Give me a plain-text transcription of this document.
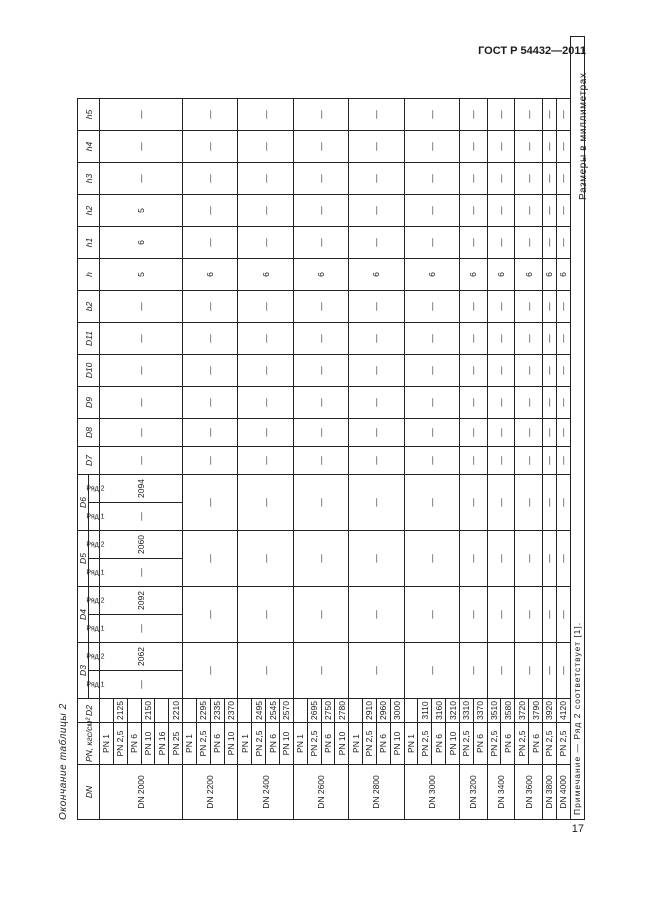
ГОСТ Р 54432—2011
Окончание таблицы 2
Размеры в миллиметрах
DN	PN, кгс/см²	D2	D3		D4		D5		D6		D7	D8	D9	D10	D11	b2	h	h1	h2	h3	h4	h5
			Ряд 1	Ряд 2	Ряд 1	Ряд 2	Ряд 1	Ряд 2	Ряд 1	Ряд 2												
DN 2000	PN 1		—	2062	—	2092	—	2060	—	2094	—	—	—	—	—	—	5	6	5	—	—	—
	PN 2,5	2125																				
	PN 6																					
	PN 10	2150																				
	PN 16																					
	PN 25	2210																				
DN 2200	PN 1		—		—		—		—		—	—	—	—	—	—	6	—	—	—	—	—
	PN 2,5	2295																				
	PN 6	2335																				
	PN 10	2370																				
DN 2400	PN 1		—		—		—		—		—	—	—	—	—	—	6	—	—	—	—	—
	PN 2,5	2495																				
	PN 6	2545																				
	PN 10	2570																				
DN 2600	PN 1		—		—		—		—		—	—	—	—	—	—	6	—	—	—	—	—
	PN 2,5	2695																				
	PN 6	2750																				
	PN 10	2780																				
DN 2800	PN 1		—		—		—		—		—	—	—	—	—	—	6	—	—	—	—	—
	PN 2,5	2910																				
	PN 6	2960																				
	PN 10	3000																				
DN 3000	PN 1		—		—		—		—		—	—	—	—	—	—	6	—	—	—	—	—
	PN 2,5	3110																				
	PN 6	3160																				
	PN 10	3210																				
DN 3200	PN 2,5	3310	—		—		—		—		—	—	—	—	—	—	6	—	—	—	—	—
	PN 6	3370																				
DN 3400	PN 2,5	3510	—		—		—		—		—	—	—	—	—	—	6	—	—	—	—	—
	PN 6	3580																				
DN 3600	PN 2,5	3720	—		—		—		—		—	—	—	—	—	—	6	—	—	—	—	—
	PN 6	3790																				
DN 3800	PN 2,5	3920	—		—		—		—		—	—	—	—	—	—	6	—	—	—	—	—
DN 4000	PN 2,5	4120	—		—		—		—		—	—	—	—	—	—	6	—	—	—	—	—
Примечание — Ряд 2 соответствует [1].																						
17
